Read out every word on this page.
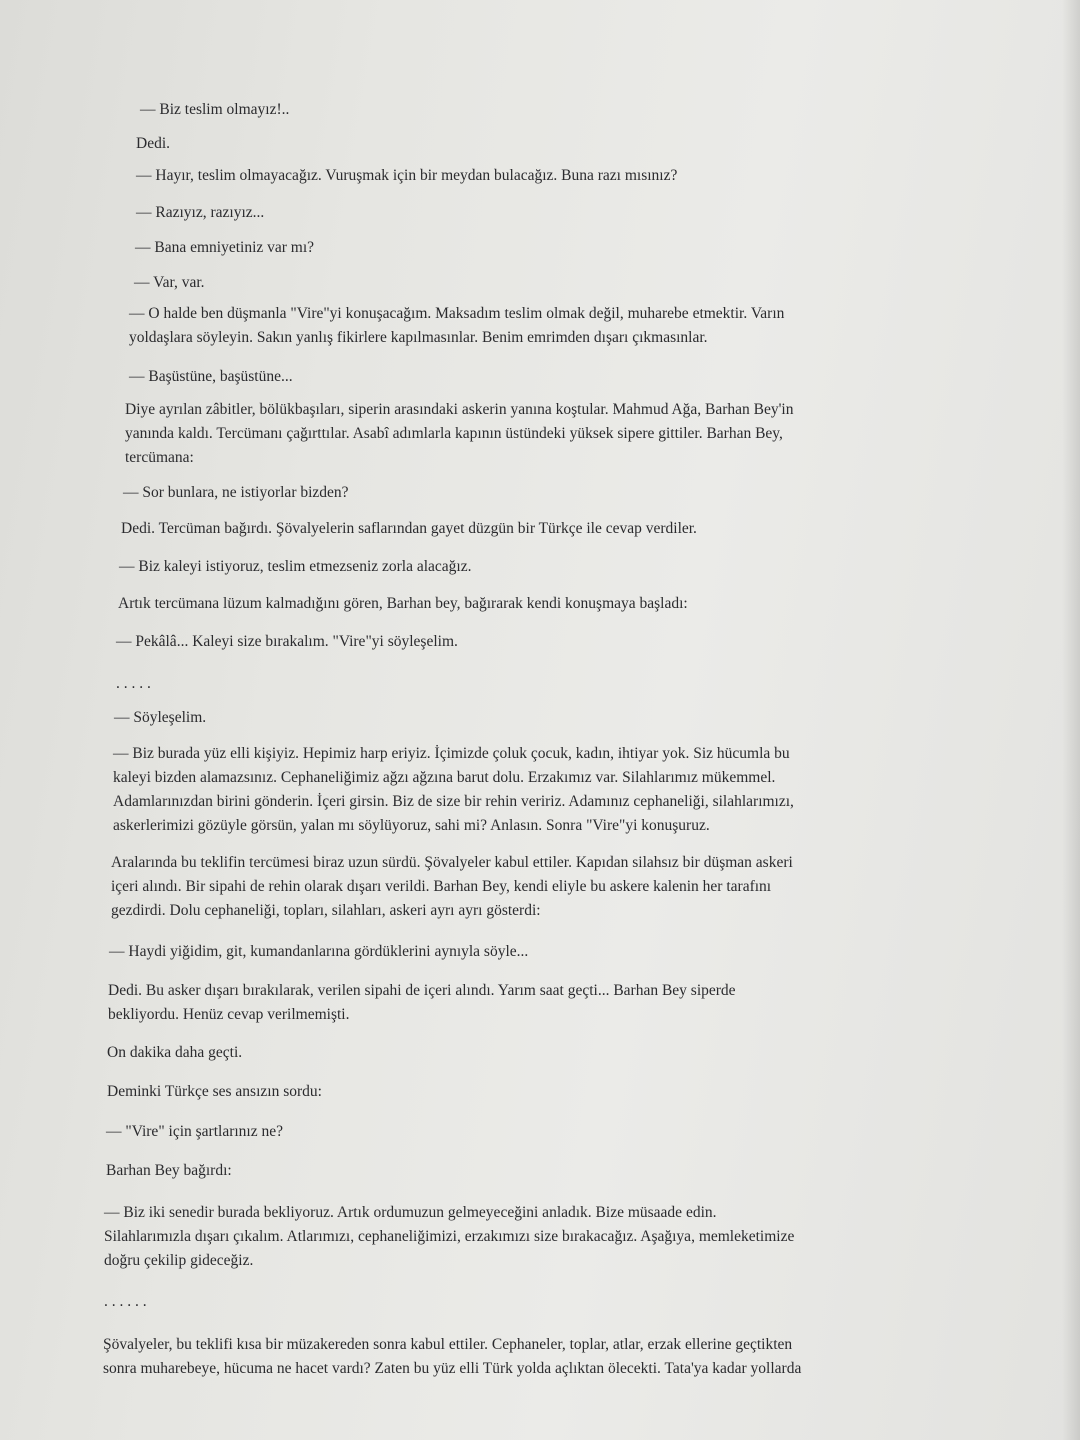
— Biz teslim olmayız!..

Dedi.

— Hayır, teslim olmayacağız. Vuruşmak için bir meydan bulacağız. Buna razı mısınız?

— Razıyız, razıyız...

— Bana emniyetiniz var mı?

— Var, var.

— O halde ben düşmanla "Vire"yi konuşacağım. Maksadım teslim olmak değil, muharebe etmektir. Varın
yoldaşlara söyleyin. Sakın yanlış fikirlere kapılmasınlar. Benim emrimden dışarı çıkmasınlar.

— Başüstüne, başüstüne...

Diye ayrılan zâbitler, bölükbaşıları, siperin arasındaki askerin yanına koştular. Mahmud Ağa, Barhan Bey'in
yanında kaldı. Tercümanı çağırttılar. Asabî adımlarla kapının üstündeki yüksek sipere gittiler. Barhan Bey,
tercümana:

— Sor bunlara, ne istiyorlar bizden?

Dedi. Tercüman bağırdı. Şövalyelerin saflarından gayet düzgün bir Türkçe ile cevap verdiler.

— Biz kaleyi istiyoruz, teslim etmezseniz zorla alacağız.

Artık tercümana lüzum kalmadığını gören, Barhan bey, bağırarak kendi konuşmaya başladı:

— Pekâlâ... Kaleyi size bırakalım. "Vire"yi söyleşelim.

. . . . .

— Söyleşelim.

— Biz burada yüz elli kişiyiz. Hepimiz harp eriyiz. İçimizde çoluk çocuk, kadın, ihtiyar yok. Siz hücumla bu
kaleyi bizden alamazsınız. Cephaneliğimiz ağzı ağzına barut dolu. Erzakımız var. Silahlarımız mükemmel.
Adamlarınızdan birini gönderin. İçeri girsin. Biz de size bir rehin veririz. Adamınız cephaneliği, silahlarımızı,
askerlerimizi gözüyle görsün, yalan mı söylüyoruz, sahi mi? Anlasın. Sonra "Vire"yi konuşuruz.

Aralarında bu teklifin tercümesi biraz uzun sürdü. Şövalyeler kabul ettiler. Kapıdan silahsız bir düşman askeri
içeri alındı. Bir sipahi de rehin olarak dışarı verildi. Barhan Bey, kendi eliyle bu askere kalenin her tarafını
gezdirdi. Dolu cephaneliği, topları, silahları, askeri ayrı ayrı gösterdi:

— Haydi yiğidim, git, kumandanlarına gördüklerini aynıyla söyle...

Dedi. Bu asker dışarı bırakılarak, verilen sipahi de içeri alındı. Yarım saat geçti... Barhan Bey siperde
bekliyordu. Henüz cevap verilmemişti.

On dakika daha geçti.

Deminki Türkçe ses ansızın sordu:

— "Vire" için şartlarınız ne?

Barhan Bey bağırdı:

— Biz iki senedir burada bekliyoruz. Artık ordumuzun gelmeyeceğini anladık. Bize müsaade edin.
Silahlarımızla dışarı çıkalım. Atlarımızı, cephaneliğimizi, erzakımızı size bırakacağız. Aşağıya, memleketimize
doğru çekilip gideceğiz.

. . . . . .

Şövalyeler, bu teklifi kısa bir müzakereden sonra kabul ettiler. Cephaneler, toplar, atlar, erzak ellerine geçtikten
sonra muharebeye, hücuma ne hacet vardı? Zaten bu yüz elli Türk yolda açlıktan ölecekti. Tata'ya kadar yollarda
